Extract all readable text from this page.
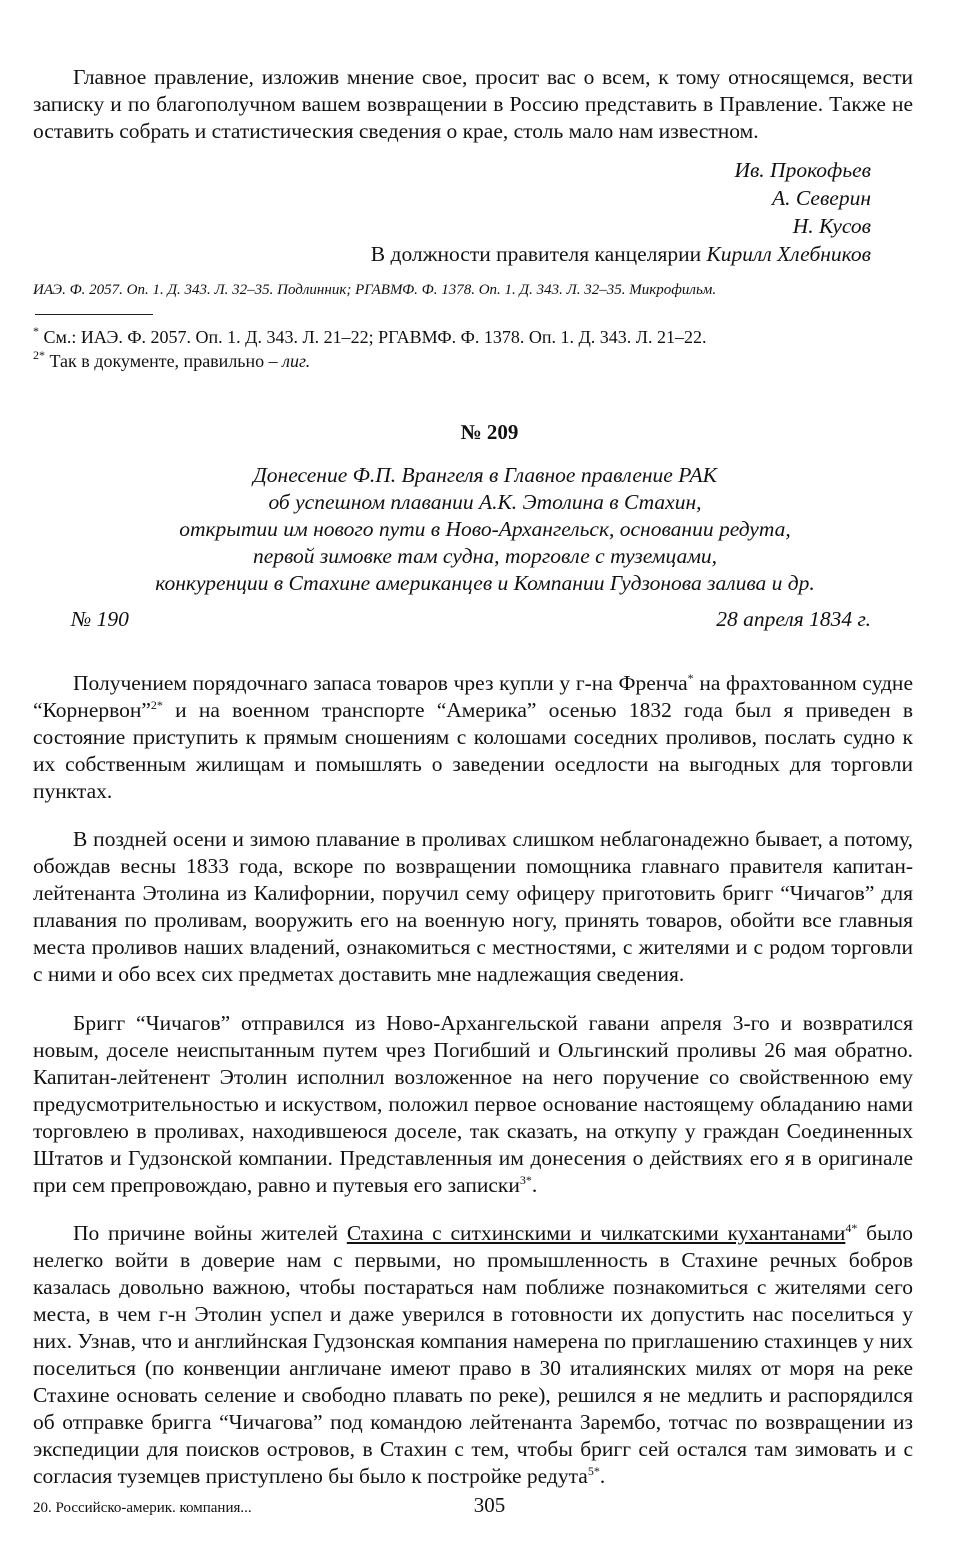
Главное правление, изложив мнение свое, просит вас о всем, к тому относящемся, вести записку и по благополучном вашем возвращении в Россию представить в Правление. Также не оставить собрать и статистическия сведения о крае, столь мало нам известном.

Ив. Прокофьев
А. Северин
Н. Кусов
В должности правителя канцелярии Кирилл Хлебников
ИАЭ. Ф. 2057. Оп. 1. Д. 343. Л. 32–35. Подлинник; РГАВМФ. Ф. 1378. Оп. 1. Д. 343. Л. 32–35. Микрофильм.
* См.: ИАЭ. Ф. 2057. Оп. 1. Д. 343. Л. 21–22; РГАВМФ. Ф. 1378. Оп. 1. Д. 343. Л. 21–22.
$^{2*}$ Так в документе, правильно – лиг.
№ 209
Донесение Ф.П. Врангеля в Главное правление РАК
об успешном плавании А.К. Этолина в Стахин,
открытии им нового пути в Ново-Архангельск, основании редута,
первой зимовке там судна, торговле с туземцами,
конкуренции в Стахине американцев и Компании Гудзонова залива и др.
№ 190	28 апреля 1834 г.

Получением порядочнаго запаса товаров чрез купли у г-на Френча* на фрахтованном судне “Корнервон”$^{2*}$ и на военном транспорте “Америка” осенью 1832 года был я приведен в состояние приступить к прямым сношениям с колошами соседних проливов, послать судно к их собственным жилищам и помышлять о заведении оседлости на выгодных для торговли пунктах.

В поздней осени и зимою плавание в проливах слишком неблагонадежно бывает, а потому, обождав весны 1833 года, вскоре по возвращении помощника главнаго правителя капитан-лейтенанта Этолина из Калифорнии, поручил сему офицеру приготовить бригг “Чичагов” для плавания по проливам, вооружить его на военную ногу, принять товаров, обойти все главныя места проливов наших владений, ознакомиться с местностями, с жителями и с родом торговли с ними и обо всех сих предметах доставить мне надлежащия сведения.

Бригг “Чичагов” отправился из Ново-Архангельской гавани апреля 3-го и возвратился новым, доселе неиспытанным путем чрез Погибший и Ольгинский проливы 26 мая обратно. Капитан-лейтенент Этолин исполнил возложенное на него поручение со свойственною ему предусмотрительностью и искуством, положил первое основание настоящему обладанию нами торговлею в проливах, находившеюся доселе, так сказать, на откупу у граждан Соединенных Штатов и Гудзонской компании. Представленныя им донесения о действиях его я в оригинале при сем препровождаю, равно и путевыя его записки$^{3*}$.

По причине войны жителей Стахина с ситхинскими и чилкатскими кухантанами$^{4*}$ было нелегко войти в доверие нам с первыми, но промышленность в Стахине речных бобров казалась довольно важною, чтобы постараться нам поближе познакомиться с жителями сего места, в чем г-н Этолин успел и даже уверился в готовности их допустить нас поселиться у них. Узнав, что и английнская Гудзонская компания намерена по приглашению стахинцев у них поселиться (по конвенции англичане имеют право в 30 италиянских милях от моря на реке Стахине основать селение и свободно плавать по реке), решился я не медлить и распорядился об отправке бригга “Чичагова” под командою лейтенанта Зарембо, тотчас по возвращении из экспедиции для поисков островов, в Стахин с тем, чтобы бригг сей остался там зимовать и с согласия туземцев приступлено бы было к постройке редута$^{5*}$.

20. Российско-америк. компания...	305
